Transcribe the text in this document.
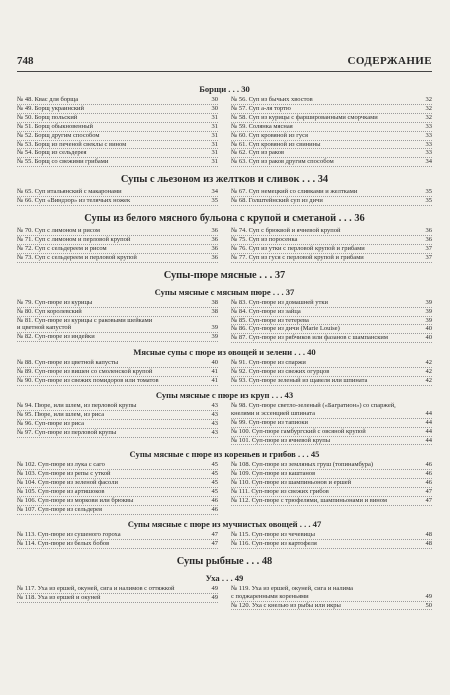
748	СОДЕРЖАНИЕ
Борщи . . . 30
№ 48. Квас для борща	30
№ 49. Борщ украинский	30
№ 50. Борщ польский	31
№ 51. Борщ обыкновенный	31
№ 52. Борщ другим способом	31
№ 53. Борщ из печеной свеклы с вином	31
№ 54. Борщ из сельдерея	31
№ 55. Борщ со свежими грибами	31
№ 56. Суп из бычьих хвостов	32
№ 57. Суп а-ля тортю	32
№ 58. Суп из курицы с фаршированными сморчками	32
№ 59. Солянка мясная	33
№ 60. Суп кровяной из гуся	33
№ 61. Суп кровяной из свинины	33
№ 62. Суп из раков	33
№ 63. Суп из раков другим способом	34
Супы с льезоном из желтков и сливок . . . 34
№ 65. Суп итальянский с макаронами	34
№ 66. Суп «Виндзор» из телячьих ножек	35
№ 67. Суп немецкий со сливками и желтками	35
№ 68. Голштейнский суп из дичи	35
Супы из белого мясного бульона с крупой и сметаной . . . 36
№ 70. Суп с лимоном и рисом	36
№ 71. Суп с лимоном и перловой крупой	36
№ 72. Суп с сельдереем и рисом	36
№ 73. Суп с сельдереем и перловой крупой	36
№ 74. Суп с брюквой и ячневой крупой	36
№ 75. Суп из поросенка	36
№ 76. Суп из утки с перловой крупой и грибами	37
№ 77. Суп из гуся с перловой крупой и грибами	37
Супы-пюре мясные . . . 37
Супы мясные с мясным пюре . . . 37
№ 79. Суп-пюре из курицы	38
№ 80. Суп королевский	38
№ 81. Суп-пюре из курицы с раковыми шейками
и цветной капустой	39
№ 82. Суп-пюре из индейки	39
№ 83. Суп-пюре из домашней утки	39
№ 84. Суп-пюре из зайца	39
№ 85. Суп-пюре из тетерева	39
№ 86. Суп-пюре из дичи (Marie Louise)	40
№ 87. Суп-пюре из рябчиков или фазанов с шампанским	40
Мясные супы с пюре из овощей и зелени . . . 40
№ 88. Суп-пюре из цветной капусты	40
№ 89. Суп-пюре из вишен со смоленской крупой	41
№ 90. Суп-пюре из свежих помидоров или томатов	41
№ 91. Суп-пюре из спаржи	42
№ 92. Суп-пюре из свежих огурцов	42
№ 93. Суп-пюре зеленый из щавеля или шпината	42
Супы мясные с пюре из круп . . . 43
№ 94. Пюре, или шлем, из перловой крупы	43
№ 95. Пюре, или шлем, из риса	43
№ 96. Суп-пюре из риса	43
№ 97. Суп-пюре из перловой крупы	43
№ 98. Суп-пюре светло-зеленый («Багратион») со спаржей,
кнелями и эссенцией шпината	44
№ 99. Суп-пюре из тапиоки	44
№ 100. Суп-пюре гамбургский с овсяной крупой	44
№ 101. Суп-пюре из ячневой крупы	44
Супы мясные с пюре из кореньев и грибов . . . 45
№ 102. Суп-пюре из лука с саго	45
№ 103. Суп-пюре из репы с уткой	45
№ 104. Суп-пюре из зеленой фасоли	45
№ 105. Суп-пюре из артишоков	45
№ 106. Суп-пюре из моркови или брюквы	46
№ 107. Суп-пюре из сельдерея	46
№ 108. Суп-пюре из земляных груш (топинамбура)	46
№ 109. Суп-пюре из каштанов	46
№ 110. Суп-пюре из шампиньонов и ершей	46
№ 111. Суп-пюре из свежих грибов	47
№ 112. Суп-пюре с трюфелями, шампиньонами и вином	47
Супы мясные с пюре из мучнистых овощей . . . 47
№ 113. Суп-пюре из сушеного гороха	47
№ 114. Суп-пюре из белых бобов	47
№ 115. Суп-пюре из чечевицы	48
№ 116. Суп-пюре из картофеля	48
Супы рыбные . . . 48
Уха . . . 49
№ 117. Уха из ершей, окуней, сига и налимов с оттяжкой	49
№ 118. Уха из ершей и окуней	49
№ 119. Уха из ершей, окуней, сига и налима
с поджаренными кореньями	49
№ 120. Уха с кнелью из рыбы или икры	50
